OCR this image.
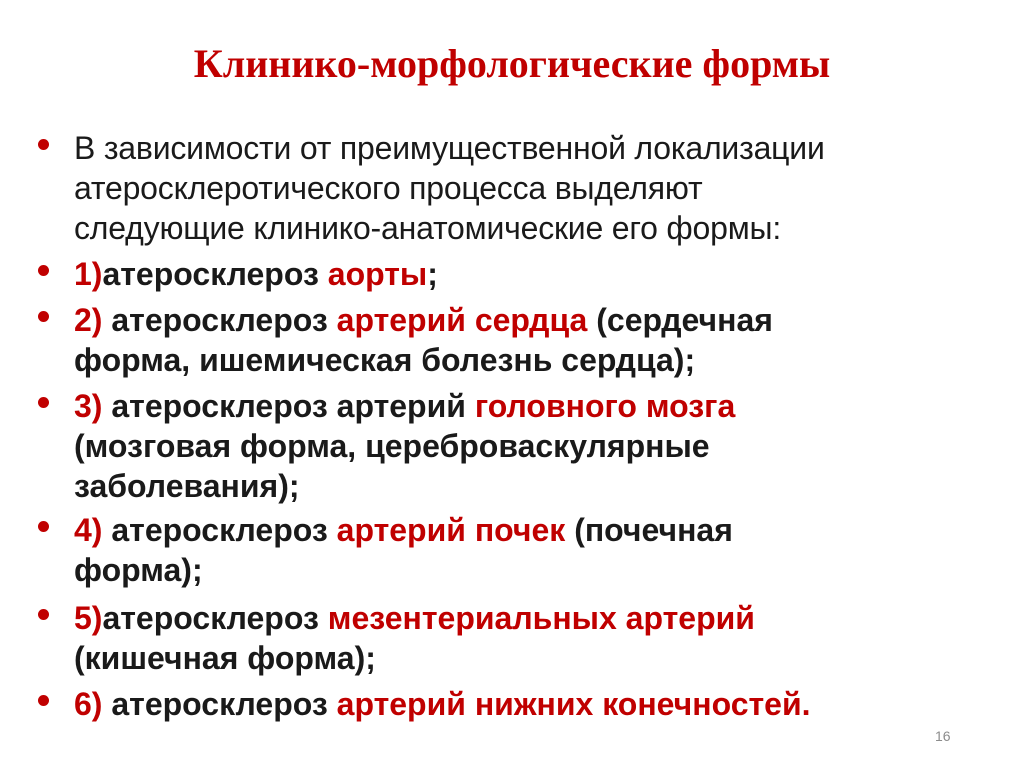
Клинико-морфологические формы
В зависимости от преимущественной локализации
атеросклеротического процесса выделяют
следующие клинико-анатомические его формы:
1)атеросклероз аорты;
2) атеросклероз артерий сердца (сердечная
форма, ишемическая болезнь сердца);
3) атеросклероз артерий головного мозга
(мозговая форма, цереброваскулярные
заболевания);
4) атеросклероз артерий почек (почечная
форма);
5)атеросклероз мезентериальных артерий
(кишечная форма);
6) атеросклероз артерий нижних конечностей.
16
